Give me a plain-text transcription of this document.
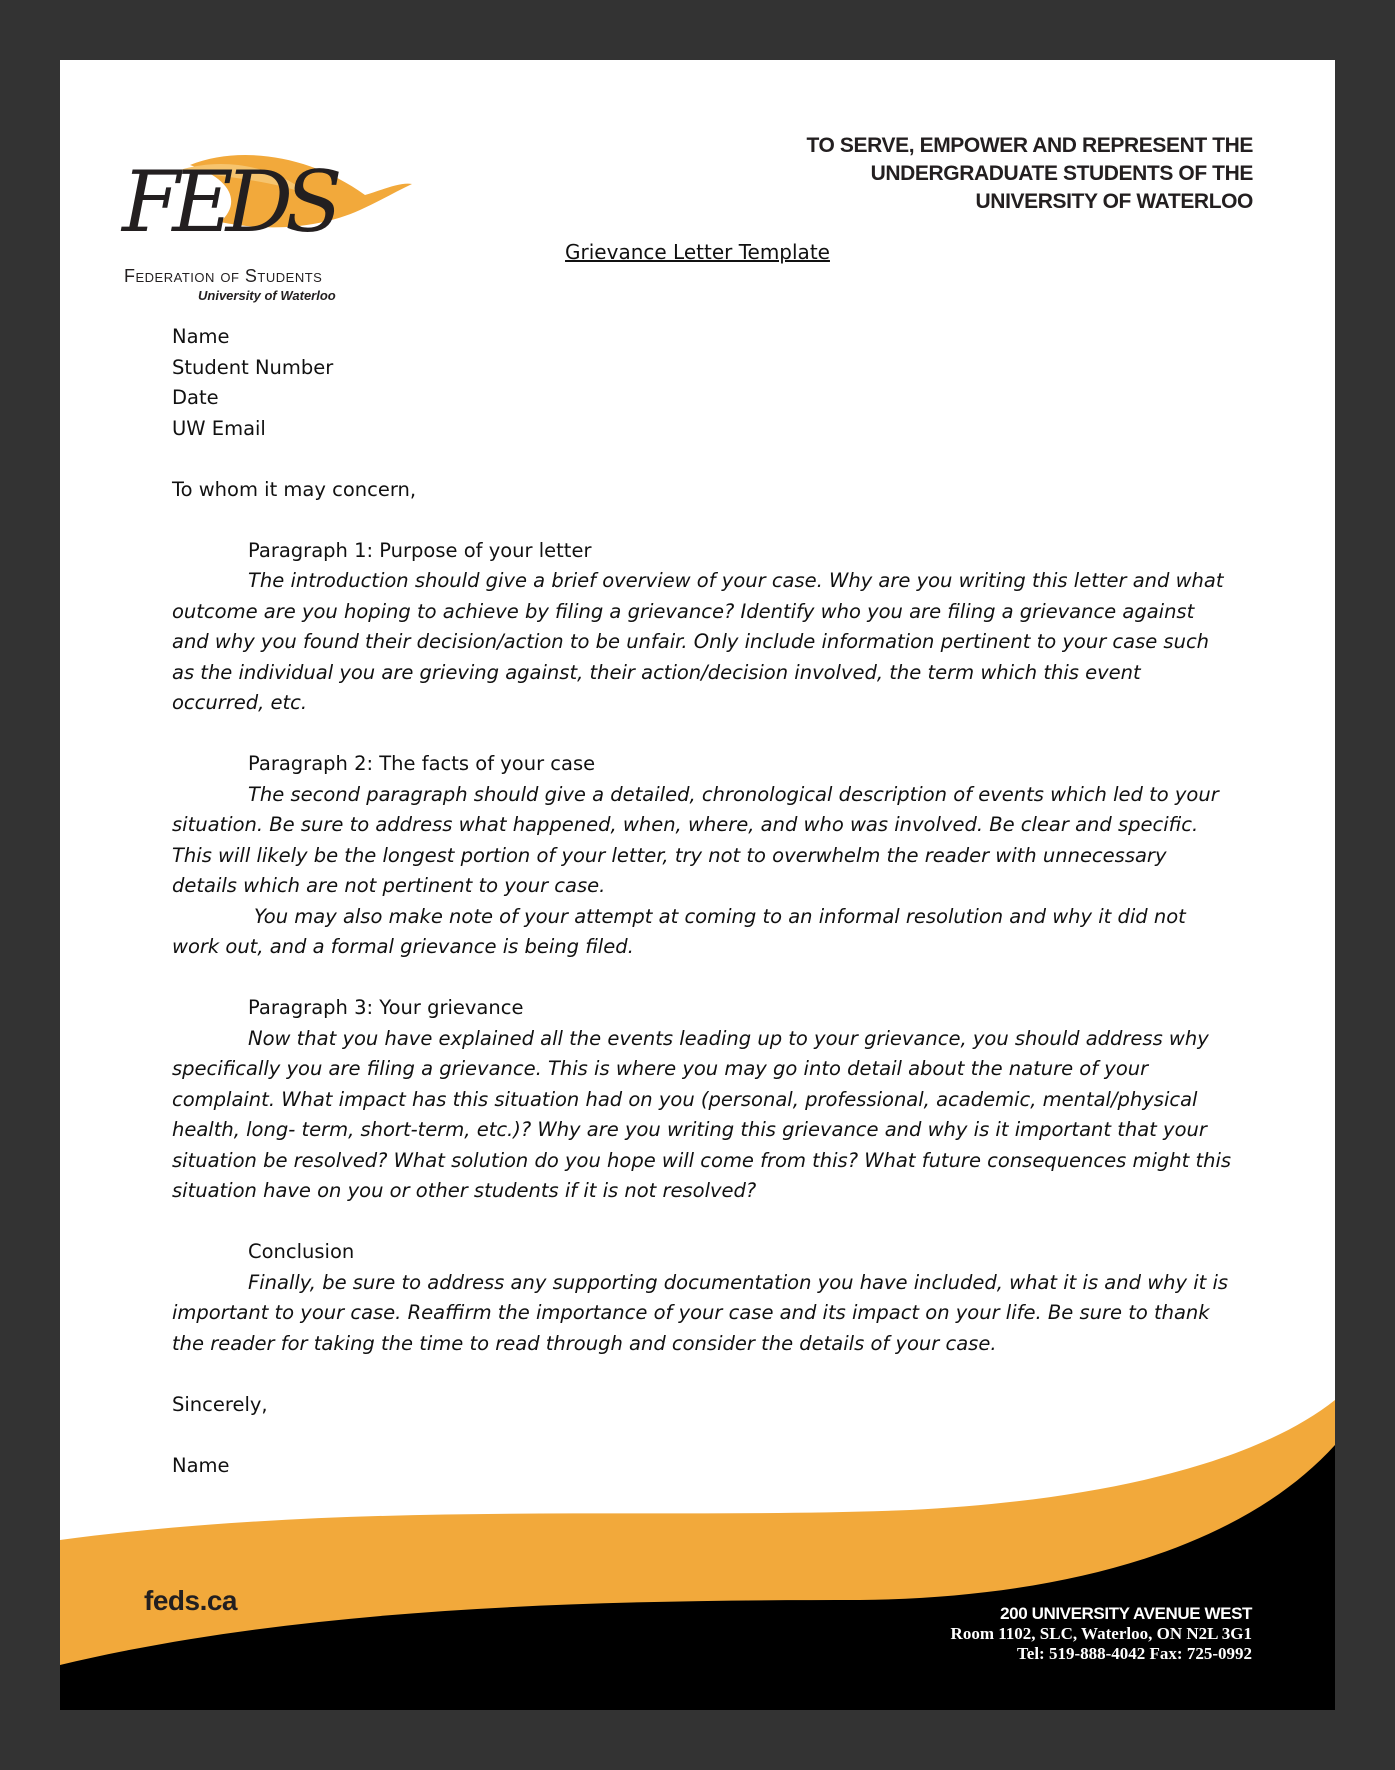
FEDS
Federation of Students
University of Waterloo
TO SERVE, EMPOWER AND REPRESENT THE
UNDERGRADUATE STUDENTS OF THE
UNIVERSITY OF WATERLOO
Grievance Letter Template

Name

Student Number

Date

UW Email

To whom it may concern,

Paragraph 1: Purpose of your letter

The introduction should give a brief overview of your case. Why are you writing this letter and what outcome are you hoping to achieve by filing a grievance? Identify who you are filing a grievance against and why you found their decision/action to be unfair. Only include information pertinent to your case such as the individual you are grieving against, their action/decision involved, the term which this event occurred, etc.

Paragraph 2: The facts of your case

The second paragraph should give a detailed, chronological description of events which led to your situation. Be sure to address what happened, when, where, and who was involved. Be clear and specific. This will likely be the longest portion of your letter, try not to overwhelm the reader with unnecessary details which are not pertinent to your case.

You may also make note of your attempt at coming to an informal resolution and why it did not work out, and a formal grievance is being filed.

Paragraph 3: Your grievance

Now that you have explained all the events leading up to your grievance, you should address why specifically you are filing a grievance. This is where you may go into detail about the nature of your complaint. What impact has this situation had on you (personal, professional, academic, mental/physical health, long- term, short-term, etc.)? Why are you writing this grievance and why is it important that your situation be resolved? What solution do you hope will come from this? What future consequences might this situation have on you or other students if it is not resolved?

Conclusion

Finally, be sure to address any supporting documentation you have included, what it is and why it is important to your case. Reaffirm the importance of your case and its impact on your life. Be sure to thank the reader for taking the time to read through and consider the details of your case.

Sincerely,

Name

feds.ca	200 UNIVERSITY AVENUE WEST
Room 1102, SLC, Waterloo, ON N2L 3G1
Tel: 519-888-4042 Fax: 725-0992
